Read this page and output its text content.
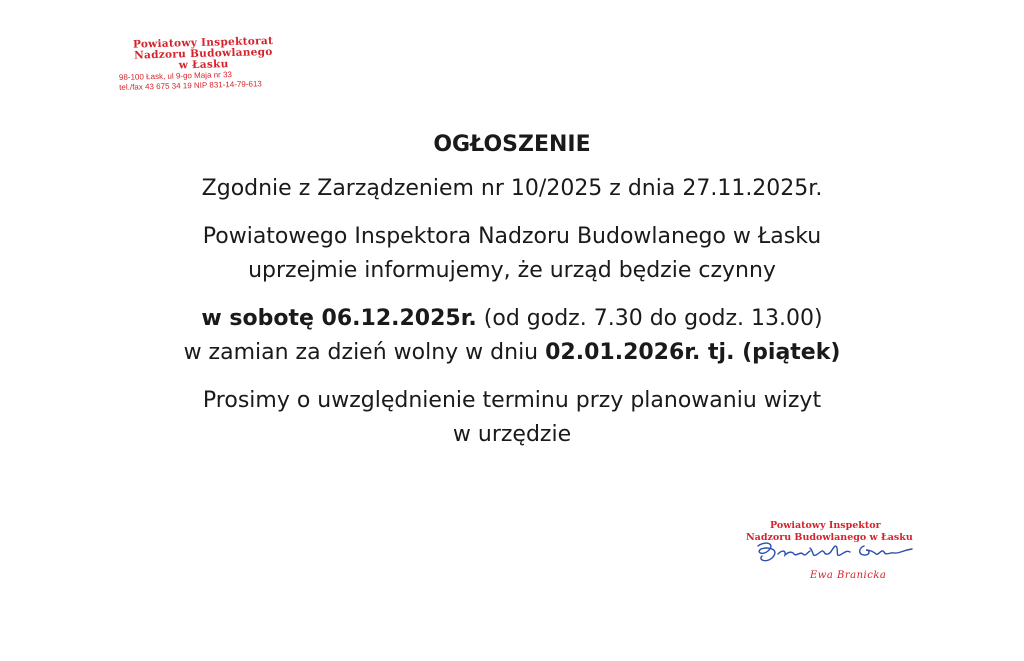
Powiatowy Inspektorat
Nadzoru Budowlanego
w Łasku
98-100 Łask, ul 9-go Maja nr 33
tel./fax 43 675 34 19 NIP 831-14-79-613
OGŁOSZENIE
Zgodnie z Zarządzeniem nr 10/2025 z dnia 27.11.2025r.
Powiatowego Inspektora Nadzoru Budowlanego w Łasku
uprzejmie informujemy, że urząd będzie czynny
w sobotę 06.12.2025r. (od godz. 7.30 do godz. 13.00)
w zamian za dzień wolny w dniu 02.01.2026r. tj. (piątek)
Prosimy o uwzględnienie terminu przy planowaniu wizyt
w urzędzie
Powiatowy Inspektor
Nadzoru Budowlanego w Łasku
Ewa Branicka
